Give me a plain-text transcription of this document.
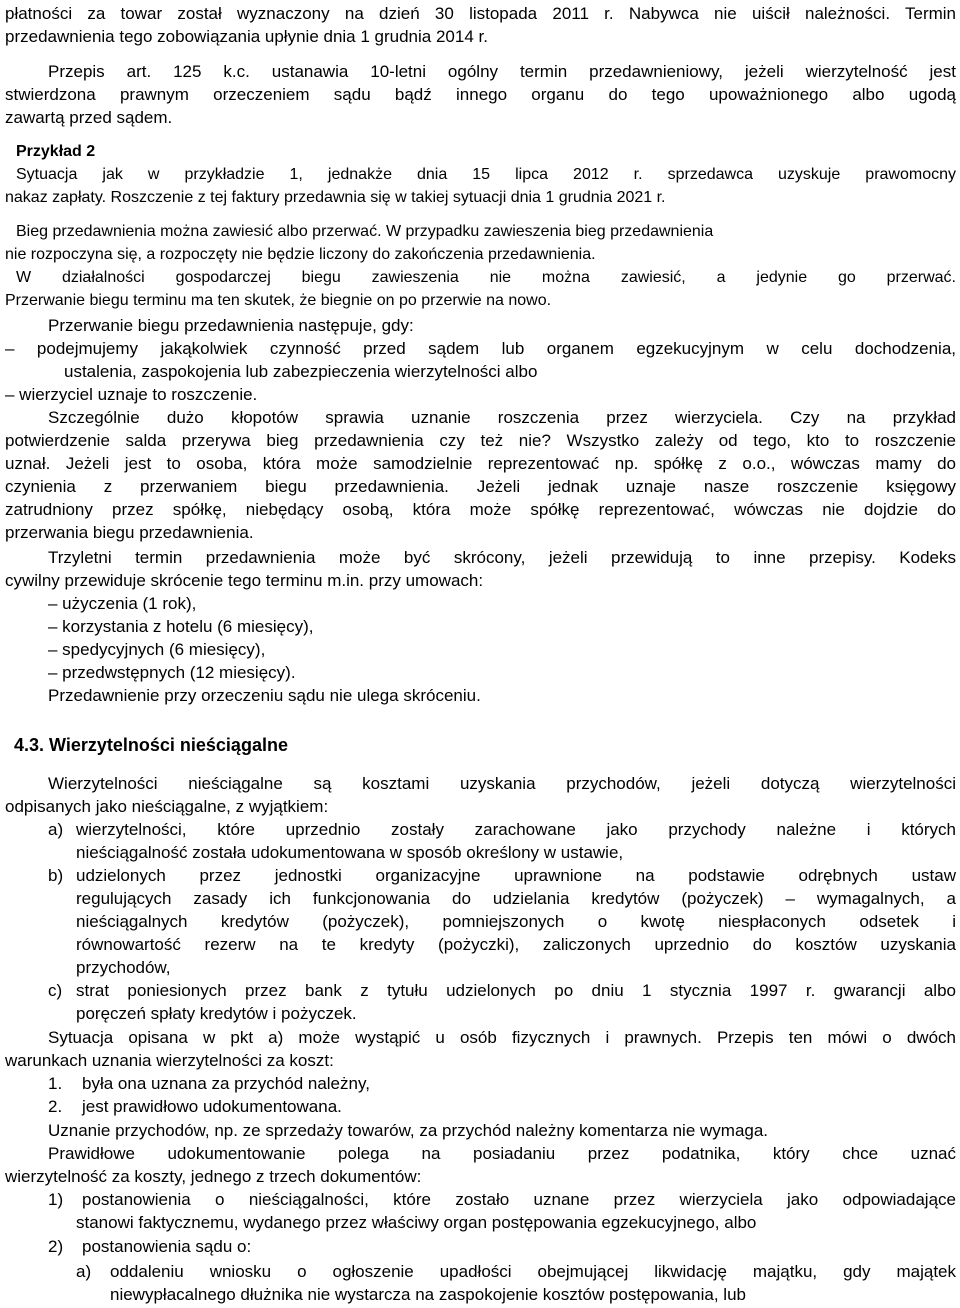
płatności za towar został wyznaczony na dzień 30 listopada 2011 r. Nabywca nie uiścił należności. Termin
przedawnienia tego zobowiązania upłynie dnia 1 grudnia 2014 r.
Przepis art. 125 k.c. ustanawia 10-letni ogólny termin przedawnieniowy, jeżeli wierzytelność jest
stwierdzona prawnym orzeczeniem sądu bądź innego organu do tego upoważnionego albo ugodą
zawartą przed sądem.
Przykład 2
Sytuacja jak w przykładzie 1, jednakże dnia 15 lipca 2012 r. sprzedawca uzyskuje prawomocny
nakaz zapłaty. Roszczenie z tej faktury przedawnia się w takiej sytuacji dnia 1 grudnia 2021 r.
Bieg przedawnienia można zawiesić albo przerwać. W przypadku zawieszenia bieg przedawnienia
nie rozpoczyna się, a rozpoczęty nie będzie liczony do zakończenia przedawnienia.
W działalności gospodarczej biegu zawieszenia nie można zawiesić, a jedynie go przerwać.
Przerwanie biegu terminu ma ten skutek, że biegnie on po przerwie na nowo.
Przerwanie biegu przedawnienia następuje, gdy:
– podejmujemy jakąkolwiek czynność przed sądem lub organem egzekucyjnym w celu dochodzenia,
ustalenia, zaspokojenia lub zabezpieczenia wierzytelności albo
– wierzyciel uznaje to roszczenie.
Szczególnie dużo kłopotów sprawia uznanie roszczenia przez wierzyciela. Czy na przykład
potwierdzenie salda przerywa bieg przedawnienia czy też nie? Wszystko zależy od tego, kto to roszczenie
uznał. Jeżeli jest to osoba, która może samodzielnie reprezentować np. spółkę z o.o., wówczas mamy do
czynienia z przerwaniem biegu przedawnienia. Jeżeli jednak uznaje nasze roszczenie księgowy
zatrudniony przez spółkę, niebędący osobą, która może spółkę reprezentować, wówczas nie dojdzie do
przerwania biegu przedawnienia.
Trzyletni termin przedawnienia może być skrócony, jeżeli przewidują to inne przepisy. Kodeks
cywilny przewiduje skrócenie tego terminu m.in. przy umowach:
– użyczenia (1 rok),
– korzystania z hotelu (6 miesięcy),
– spedycyjnych (6 miesięcy),
– przedwstępnych (12 miesięcy).
Przedawnienie przy orzeczeniu sądu nie ulega skróceniu.
4.3. Wierzytelności nieściągalne
Wierzytelności nieściągalne są kosztami uzyskania przychodów, jeżeli dotyczą wierzytelności
odpisanych jako nieściągalne, z wyjątkiem:
a) wierzytelności, które uprzednio zostały zarachowane jako przychody należne i których
nieściągalność została udokumentowana w sposób określony w ustawie,
b) udzielonych przez jednostki organizacyjne uprawnione na podstawie odrębnych ustaw
regulujących zasady ich funkcjonowania do udzielania kredytów (pożyczek) – wymagalnych, a
nieściągalnych kredytów (pożyczek), pomniejszonych o kwotę niespłaconych odsetek i
równowartość rezerw na te kredyty (pożyczki), zaliczonych uprzednio do kosztów uzyskania
przychodów,
c) strat poniesionych przez bank z tytułu udzielonych po dniu 1 stycznia 1997 r. gwarancji albo
poręczeń spłaty kredytów i pożyczek.
Sytuacja opisana w pkt a) może wystąpić u osób fizycznych i prawnych. Przepis ten mówi o dwóch
warunkach uznania wierzytelności za koszt:
1.	była ona uznana za przychód należny,
2.	jest prawidłowo udokumentowana.
Uznanie przychodów, np. ze sprzedaży towarów, za przychód należny komentarza nie wymaga.
Prawidłowe udokumentowanie polega na posiadaniu przez podatnika, który chce uznać
wierzytelność za koszty, jednego z trzech dokumentów:
1)	postanowienia o nieściągalności, które zostało uznane przez wierzyciela jako odpowiadające
stanowi faktycznemu, wydanego przez właściwy organ postępowania egzekucyjnego, albo
2)	postanowienia sądu o:
a)	oddaleniu wniosku o ogłoszenie upadłości obejmującej likwidację majątku, gdy majątek
niewypłacalnego dłużnika nie wystarcza na zaspokojenie kosztów postępowania, lub
